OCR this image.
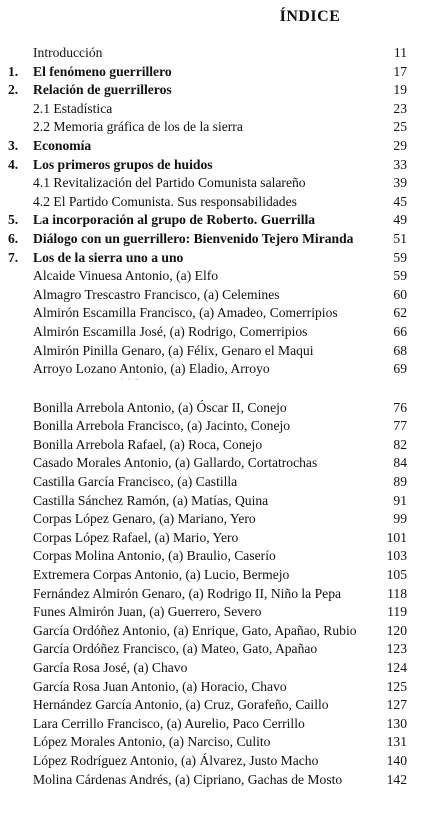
ÍNDICE
Introducción	11
1. El fenómeno guerrillero	17
2. Relación de guerrilleros	19
2.1 Estadística	23
2.2 Memoria gráfica de los de la sierra	25
3. Economía	29
4. Los primeros grupos de huidos	33
4.1 Revitalización del Partido Comunista salareño	39
4.2 El Partido Comunista. Sus responsabilidades	45
5. La incorporación al grupo de Roberto. Guerrilla	49
6. Diálogo con un guerrillero: Bienvenido Tejero Miranda	51
7. Los de la sierra uno a uno	59
Alcaide Vinuesa Antonio, (a) Elfo	59
Almagro Trescastro Francisco, (a) Celemines	60
Almirón Escamilla Francisco, (a) Amadeo, Comerripios	62
Almirón Escamilla José, (a) Rodrigo, Comerripios	66
Almirón Pinilla Genaro, (a) Félix, Genaro el Maqui	68
Arroyo Lozano Antonio, (a) Eladio, Arroyo	69
´ ` ˇ
Bonilla Arrebola Antonio, (a) Óscar II, Conejo	76
Bonilla Arrebola Francisco, (a) Jacinto, Conejo	77
Bonilla Arrebola Rafael, (a) Roca, Conejo	82
Casado Morales Antonio, (a) Gallardo, Cortatrochas	84
Castilla García Francisco, (a) Castilla	89
Castilla Sánchez Ramón, (a) Matías, Quina	91
Corpas López Genaro, (a) Mariano, Yero	99
Corpas López Rafael, (a) Mario, Yero	101
Corpas Molina Antonio, (a) Braulio, Caserío	103
Extremera Corpas Antonio, (a) Lucio, Bermejo	105
Fernández Almirón Genaro, (a) Rodrigo II, Niño la Pepa	118
Funes Almirón Juan, (a) Guerrero, Severo	119
García Ordóñez Antonio, (a) Enrique, Gato, Apañao, Rubio 120
García Ordóñez Francisco, (a) Mateo, Gato, Apañao	123
García Rosa José, (a) Chavo	124
García Rosa Juan Antonio, (a) Horacio, Chavo	125
Hernández García Antonio, (a) Cruz, Gorafeño, Caillo	127
Lara Cerrillo Francisco, (a) Aurelio, Paco Cerrillo	130
López Morales Antonio, (a) Narciso, Culito	131
López Rodríguez Antonio, (a) Álvarez, Justo Macho	140
Molina Cárdenas Andrés, (a) Cipriano, Gachas de Mosto	142
